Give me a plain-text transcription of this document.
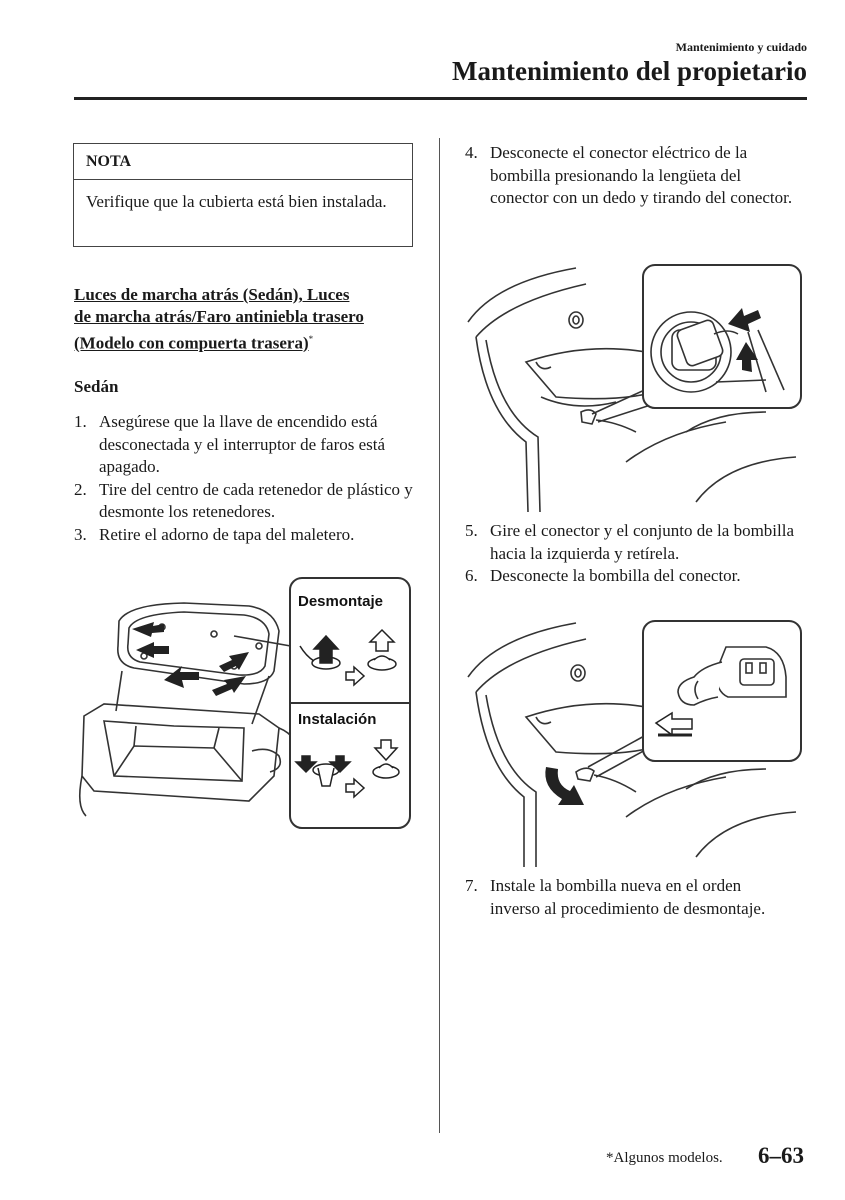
Mantenimiento y cuidado
Mantenimiento del propietario
NOTA
Verifique que la cubierta está bien instalada.
Luces de marcha atrás (Sedán), Luces
de marcha atrás/Faro antiniebla trasero
(Modelo con compuerta trasera)*
Sedán
1. Asegúrese que la llave de encendido está desconectada y el interruptor de faros está apagado.
2. Tire del centro de cada retenedor de plástico y desmonte los retenedores.
3. Retire el adorno de tapa del maletero.
Desmontaje
Instalación
4. Desconecte el conector eléctrico de la bombilla presionando la lengüeta del conector con un dedo y tirando del conector.
5. Gire el conector y el conjunto de la bombilla hacia la izquierda y retírela.
6. Desconecte la bombilla del conector.
7. Instale la bombilla nueva en el orden inverso al procedimiento de desmontaje.
*Algunos modelos. 6–63
